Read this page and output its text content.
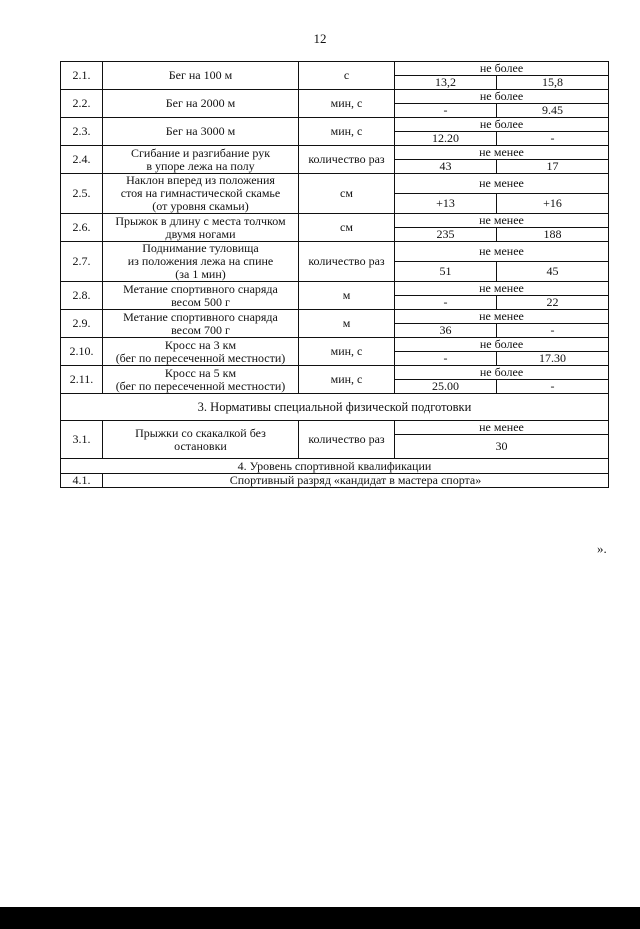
12
2.1.	Бег на 100 м	с	не более	
			13,2	15,8
2.2.	Бег на 2000 м	мин, с	не более	
			-	9.45
2.3.	Бег на 3000 м	мин, с	не более	
			12.20	-
2.4.	Сгибание и разгибание рук
в упоре лежа на полу	количество раз	не менее	
			43	17
2.5.	Наклон вперед из положения
стоя на гимнастической скамье
(от уровня скамьи)	см	не менее	
			+13	+16
2.6.	Прыжок в длину с места толчком
двумя ногами	см	не менее	
			235	188
2.7.	Поднимание туловища
из положения лежа на спине
(за 1 мин)	количество раз	не менее	
			51	45
2.8.	Метание спортивного снаряда
весом 500 г	м	не менее	
			-	22
2.9.	Метание спортивного снаряда
весом 700 г	м	не менее	
			36	-
2.10.	Кросс на 3 км
(бег по пересеченной местности)	мин, с	не более	
			-	17.30
2.11.	Кросс на 5 км
(бег по пересеченной местности)	мин, с	не более	
			25.00	-
3. Нормативы специальной физической подготовки				
3.1.	Прыжки со скакалкой без
остановки	количество раз	не менее	
			30	
4. Уровень спортивной квалификации				
4.1.	Спортивный разряд «кандидат в мастера спорта»			
».
